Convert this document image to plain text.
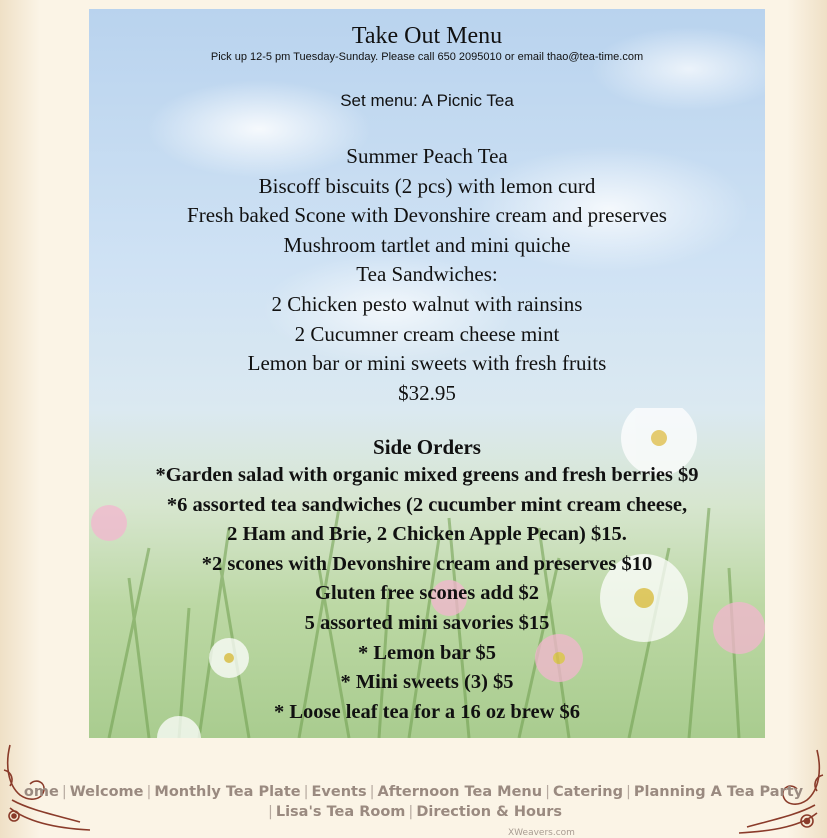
Take Out Menu
Pick up 12-5 pm Tuesday-Sunday. Please call 650 2095010 or email thao@tea-time.com
Set menu: A Picnic Tea
Summer Peach Tea
Biscoff biscuits (2 pcs) with lemon curd
Fresh baked Scone with Devonshire cream and preserves
Mushroom tartlet and mini quiche
Tea Sandwiches:
2 Chicken pesto walnut with rainsins
2 Cucumner cream cheese mint
Lemon bar or mini sweets with fresh fruits
$32.95
Side Orders
*Garden salad with organic mixed greens and fresh berries $9
*6 assorted tea sandwiches (2 cucumber mint cream cheese,
2 Ham and Brie, 2 Chicken Apple Pecan) $15.
*2 scones with Devonshire cream and preserves $10
Gluten free scones add $2
5 assorted mini savories $15
* Lemon bar $5
* Mini sweets (3) $5
* Loose leaf tea for a 16 oz brew $6
ome | Welcome | Monthly Tea Plate | Events | Afternoon Tea Menu | Catering | Planning A Tea Party
| Lisa's Tea Room | Direction & Hours
XWeavers.com
